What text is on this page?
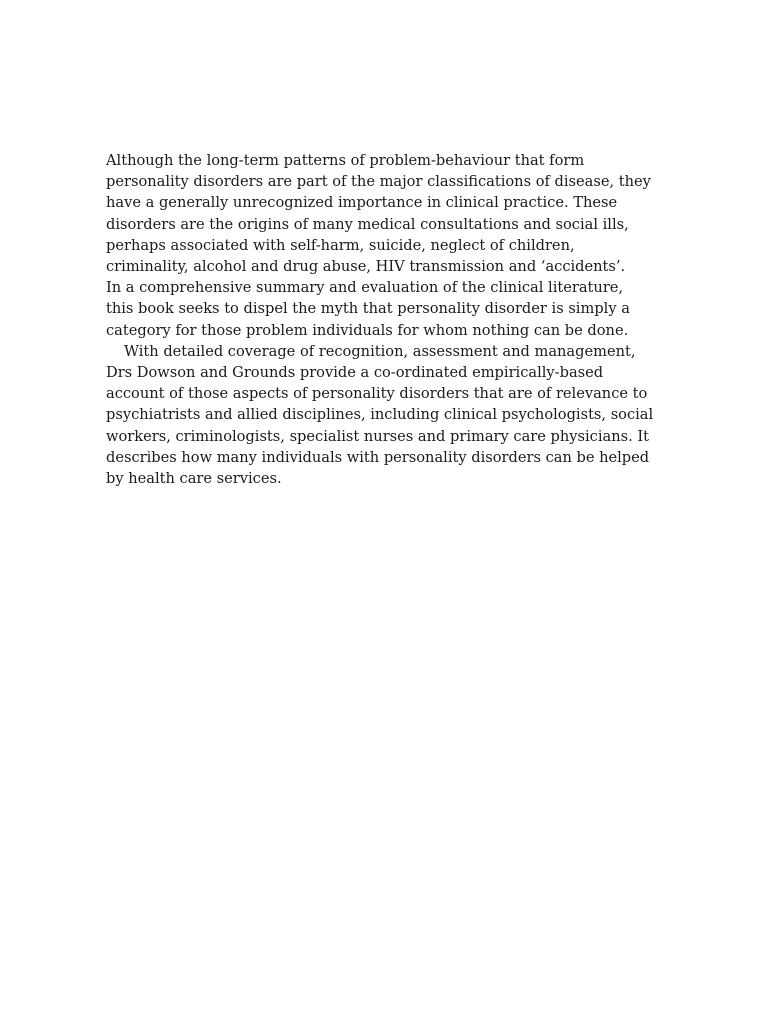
Although the long-term patterns of problem-behaviour that form
personality disorders are part of the major classifications of disease, they
have a generally unrecognized importance in clinical practice. These
disorders are the origins of many medical consultations and social ills,
perhaps associated with self-harm, suicide, neglect of children,
criminality, alcohol and drug abuse, HIV transmission and ‘accidents’.
In a comprehensive summary and evaluation of the clinical literature,
this book seeks to dispel the myth that personality disorder is simply a
category for those problem individuals for whom nothing can be done.
With detailed coverage of recognition, assessment and management,
Drs Dowson and Grounds provide a co-ordinated empirically-based
account of those aspects of personality disorders that are of relevance to
psychiatrists and allied disciplines, including clinical psychologists, social
workers, criminologists, specialist nurses and primary care physicians. It
describes how many individuals with personality disorders can be helped
by health care services.
